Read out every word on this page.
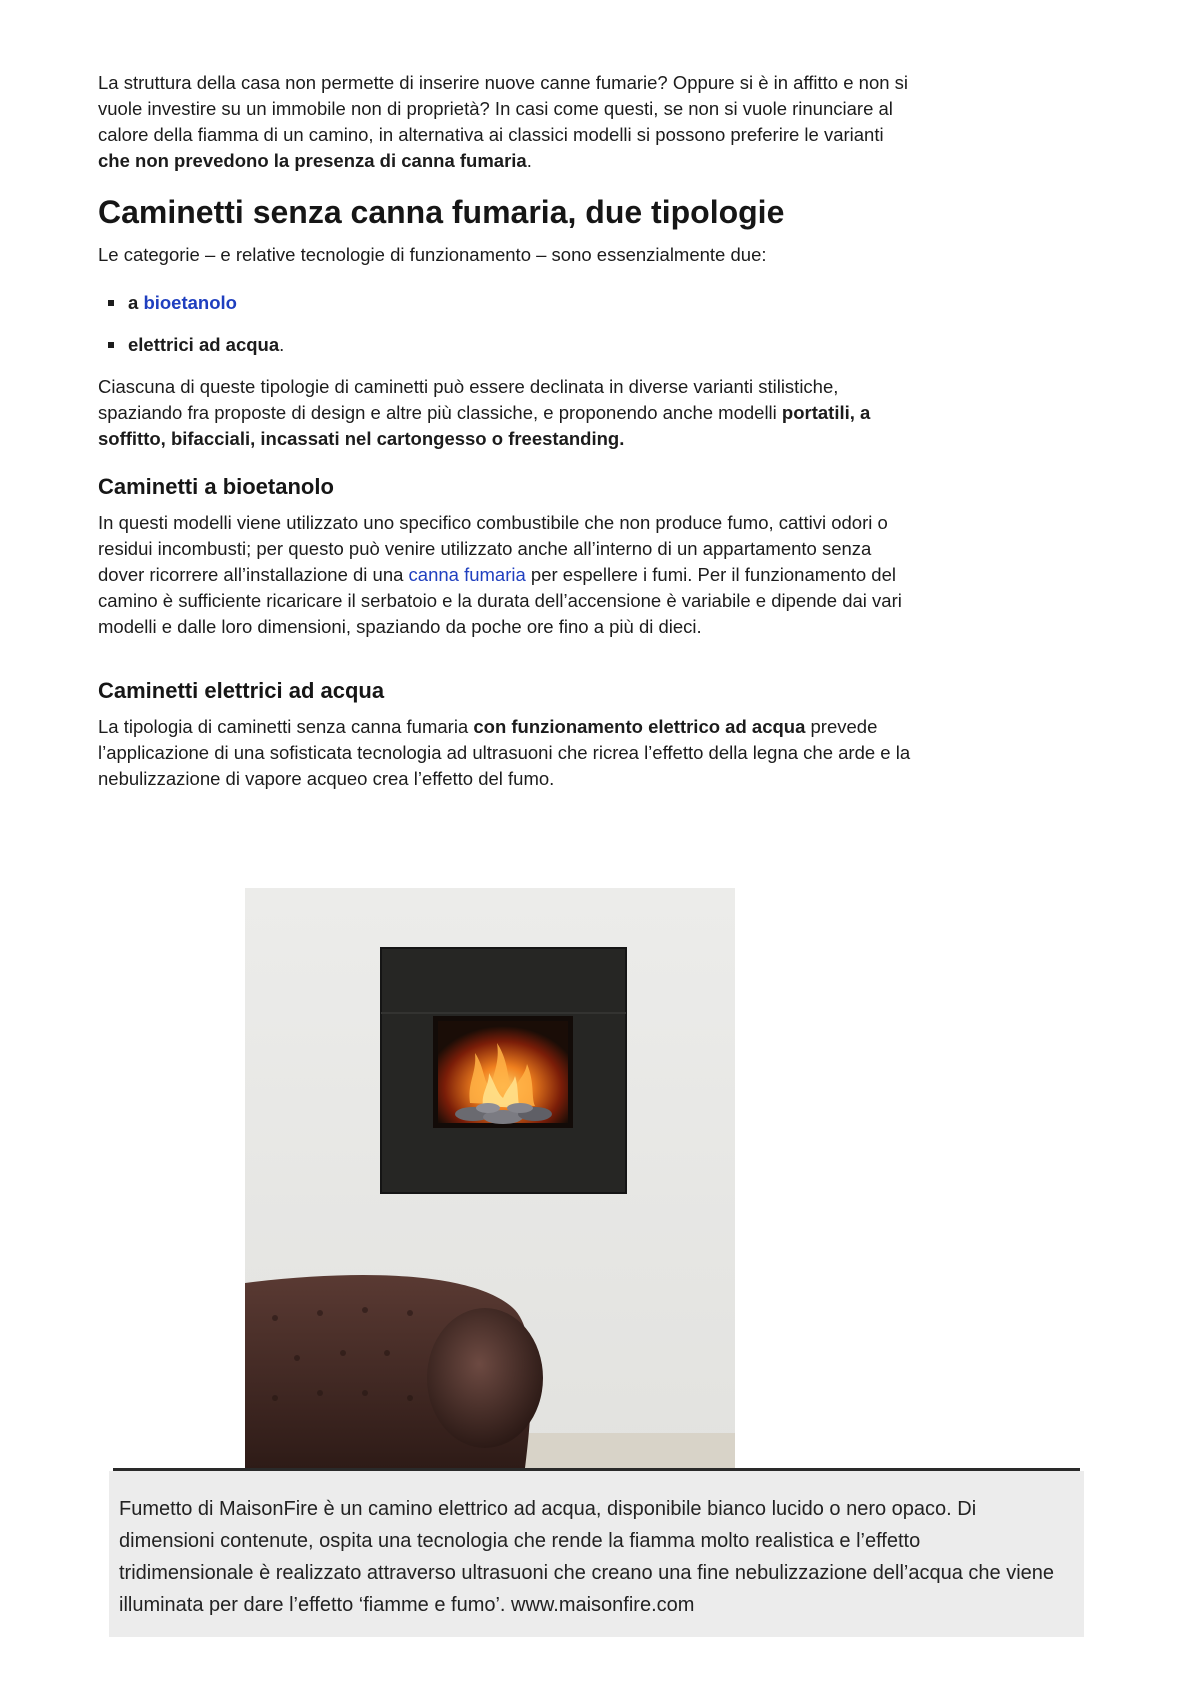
La struttura della casa non permette di inserire nuove canne fumarie? Oppure si è in affitto e non si vuole investire su un immobile non di proprietà? In casi come questi, se non si vuole rinunciare al calore della fiamma di un camino, in alternativa ai classici modelli si possono preferire le varianti che non prevedono la presenza di canna fumaria.

Caminetti senza canna fumaria, due tipologie

Le categorie – e relative tecnologie di funzionamento – sono essenzialmente due:

a bioetanolo
elettrici ad acqua .

Ciascuna di queste tipologie di caminetti può essere declinata in diverse varianti stilistiche, spaziando fra proposte di design e altre più classiche, e proponendo anche modelli portatili, a soffitto, bifacciali, incassati nel cartongesso o freestanding.

Caminetti a bioetanolo

In questi modelli viene utilizzato uno specifico combustibile che non produce fumo, cattivi odori o residui incombusti; per questo può venire utilizzato anche all’interno di un appartamento senza dover ricorrere all’installazione di una canna fumaria per espellere i fumi. Per il funzionamento del camino è sufficiente ricaricare il serbatoio e la durata dell’accensione è variabile e dipende dai vari modelli e dalle loro dimensioni, spaziando da poche ore fino a più di dieci.

Caminetti elettrici ad acqua

La tipologia di caminetti senza canna fumaria con funzionamento elettrico ad acqua prevede l’applicazione di una sofisticata tecnologia ad ultrasuoni che ricrea l’effetto della legna che arde e la nebulizzazione di vapore acqueo crea l’effetto del fumo.

Fumetto di MaisonFire è un camino elettrico ad acqua, disponibile bianco lucido o nero opaco. Di dimensioni contenute, ospita una tecnologia che rende la fiamma molto realistica e l’effetto tridimensionale è realizzato attraverso ultrasuoni che creano una fine nebulizzazione dell’acqua che viene illuminata per dare l’effetto ‘fiamme e fumo’. www.maisonfire.com
